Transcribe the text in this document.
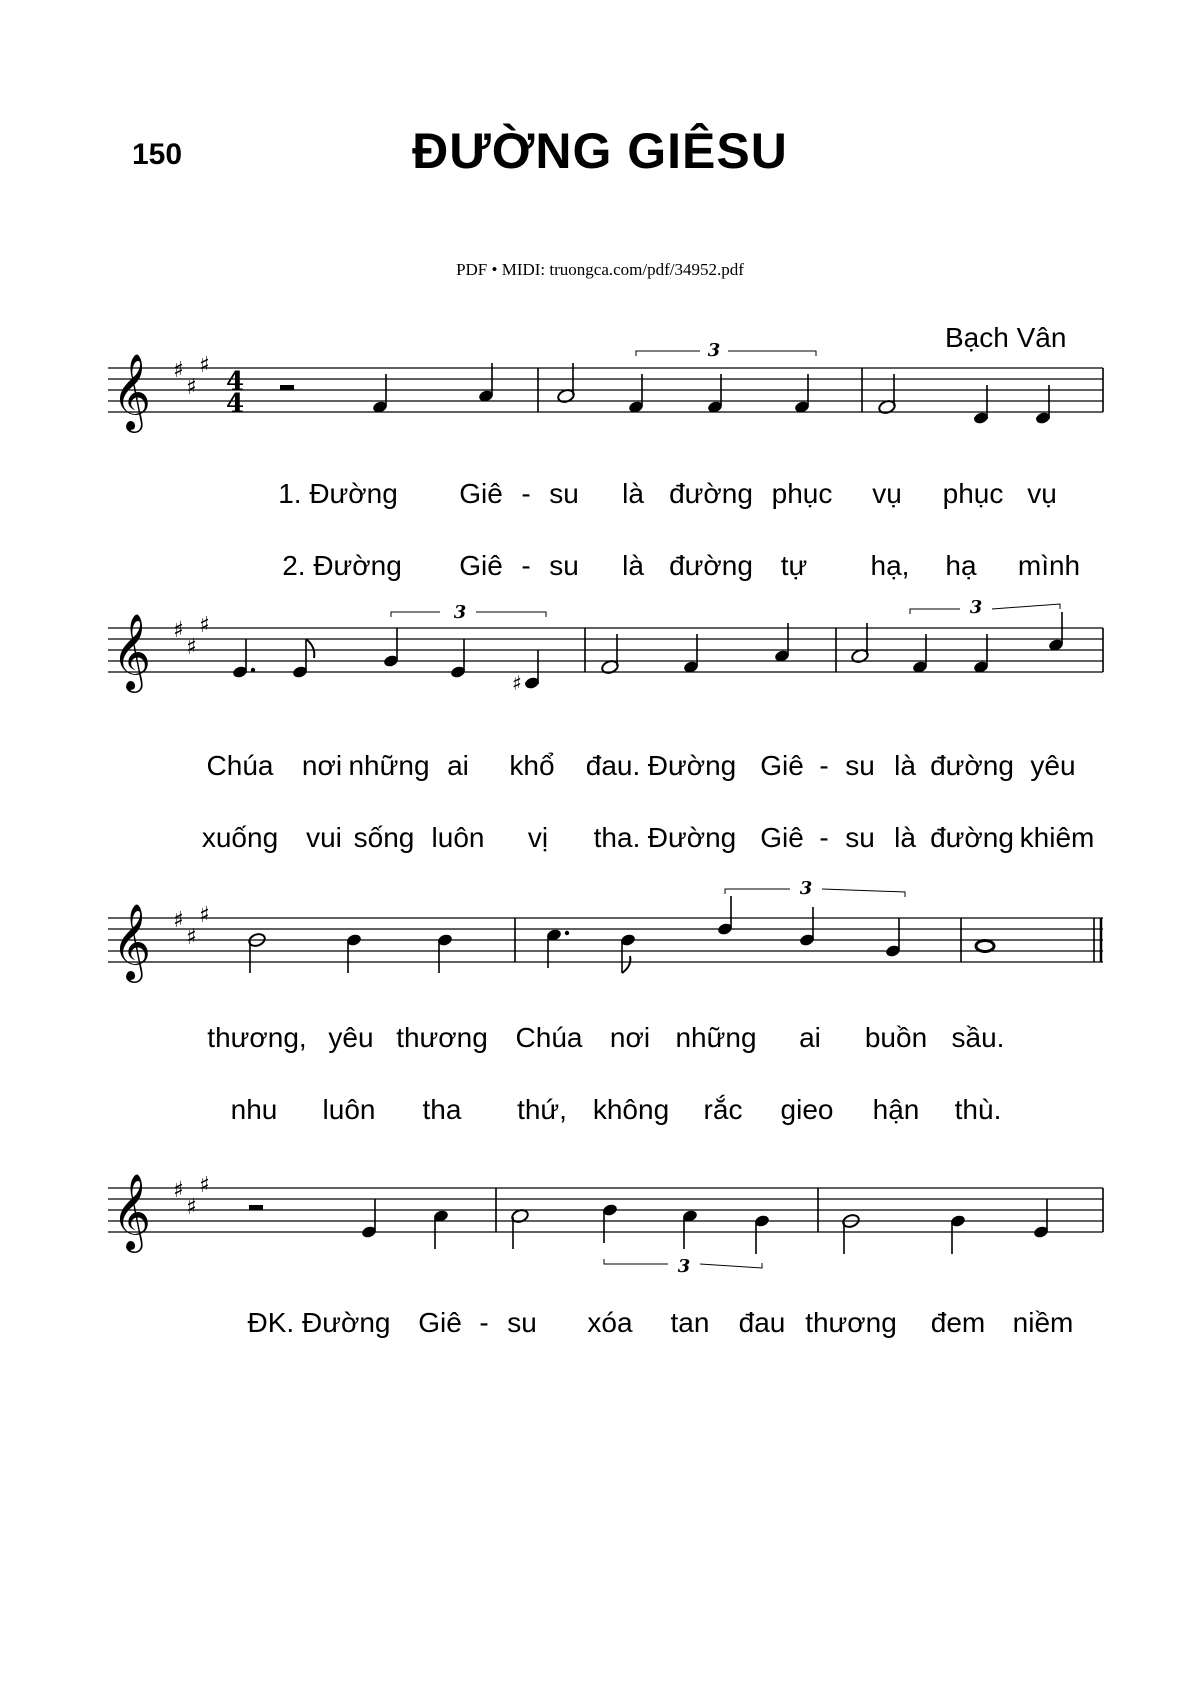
150	ĐƯỜNG GIÊSU
PDF • MIDI: truongca.com/pdf/34952.pdf
Bạch Vân
𝄞 ♯
♯
♯
4
4
3
1. Đường Giê - su là đường phục vụ phục vụ
2. Đường Giê - su là đường tự hạ, hạ mình
𝄞 ♯
♯
♯
♯
3	3
Chúa nơi những ai khổ đau. Đường Giê - su là đường yêu
xuống vui sống luôn vị tha. Đường Giê - su là đường khiêm
𝄞 ♯
♯
♯
3
thương, yêu thương Chúa nơi những ai buồn sầu.
nhu luôn tha thứ, không rắc gieo hận thù.
𝄞 ♯
♯
♯
3
ĐK. Đường Giê - su xóa tan đau thương đem niềm
